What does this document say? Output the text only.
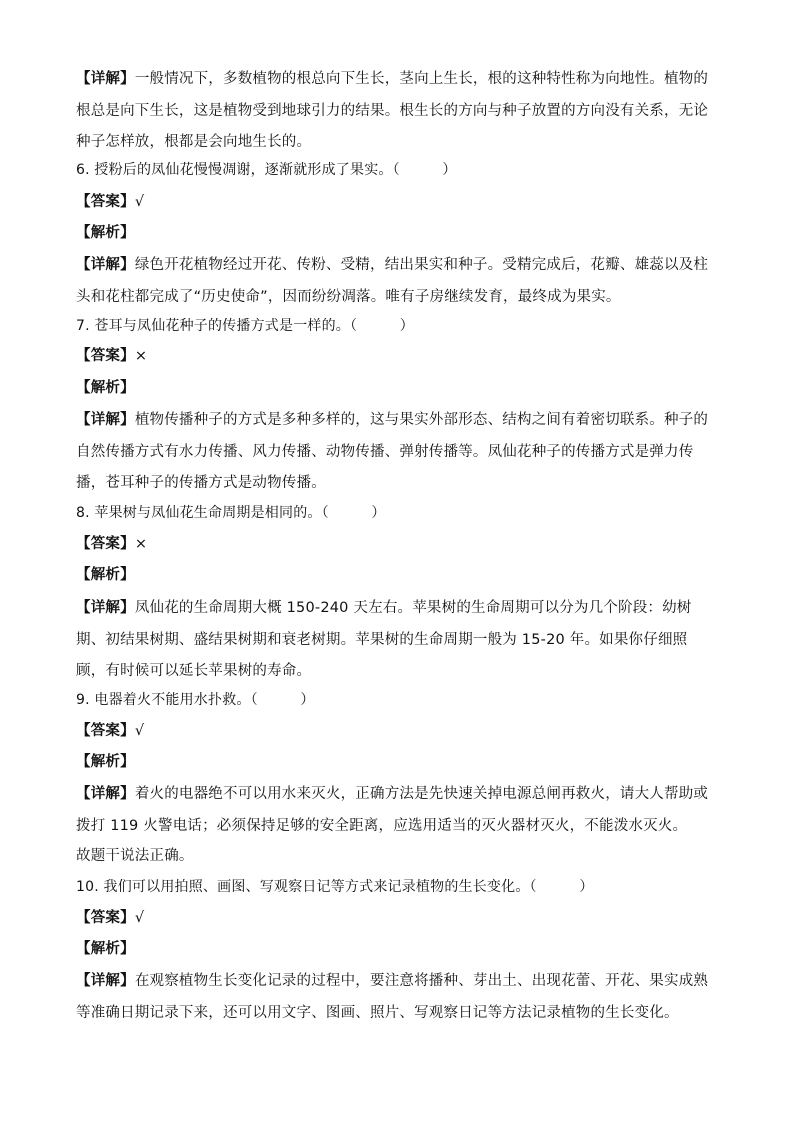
【详解】一般情况下，多数植物的根总向下生长，茎向上生长，根的这种特性称为向地性。植物的根总是向下生长，这是植物受到地球引力的结果。根生长的方向与种子放置的方向没有关系，无论种子怎样放，根都是会向地生长的。
6. 授粉后的凤仙花慢慢凋谢，逐渐就形成了果实。（　　　）
【答案】√
【解析】
【详解】绿色开花植物经过开花、传粉、受精，结出果实和种子。受精完成后，花瓣、雄蕊以及柱头和花柱都完成了“历史使命”，因而纷纷凋落。唯有子房继续发育，最终成为果实。
7. 苍耳与凤仙花种子的传播方式是一样的。（　　　）
【答案】×
【解析】
【详解】植物传播种子的方式是多种多样的，这与果实外部形态、结构之间有着密切联系。种子的自然传播方式有水力传播、风力传播、动物传播、弹射传播等。凤仙花种子的传播方式是弹力传播，苍耳种子的传播方式是动物传播。
8. 苹果树与凤仙花生命周期是相同的。（　　　）
【答案】×
【解析】
【详解】凤仙花的生命周期大概 150-240 天左右。苹果树的生命周期可以分为几个阶段：幼树期、初结果树期、盛结果树期和衰老树期。苹果树的生命周期一般为 15-20 年。如果你仔细照顾，有时候可以延长苹果树的寿命。
9. 电器着火不能用水扑救。（　　　）
【答案】√
【解析】
【详解】着火的电器绝不可以用水来灭火，正确方法是先快速关掉电源总闸再救火，请大人帮助或拨打 119 火警电话；必须保持足够的安全距离，应选用适当的灭火器材灭火，不能泼水灭火。
故题干说法正确。
10. 我们可以用拍照、画图、写观察日记等方式来记录植物的生长变化。（　　　）
【答案】√
【解析】
【详解】在观察植物生长变化记录的过程中，要注意将播种、芽出土、出现花蕾、开花、果实成熟等准确日期记录下来，还可以用文字、图画、照片、写观察日记等方法记录植物的生长变化。
